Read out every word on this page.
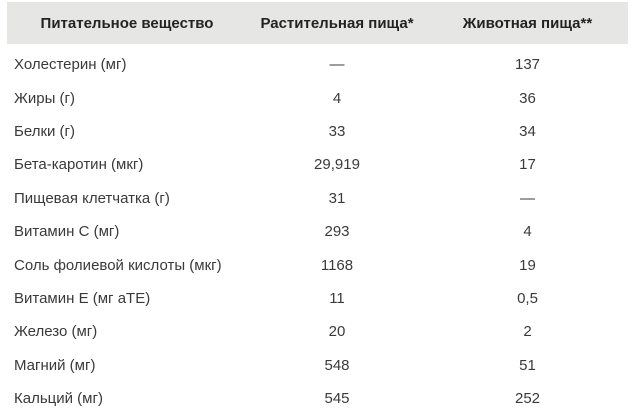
Питательное вещество	Растительная пища*	Животная пища**
Холестерин (мг)	—	137
Жиры (г)	4	36
Белки (г)	33	34
Бета-каротин (мкг)	29,919	17
Пищевая клетчатка (г)	31	—
Витамин C (мг)	293	4
Соль фолиевой кислоты (мкг)	1168	19
Витамин Е (мг аТЕ)	11	0,5
Железо (мг)	20	2
Магний (мг)	548	51
Кальций (мг)	545	252
